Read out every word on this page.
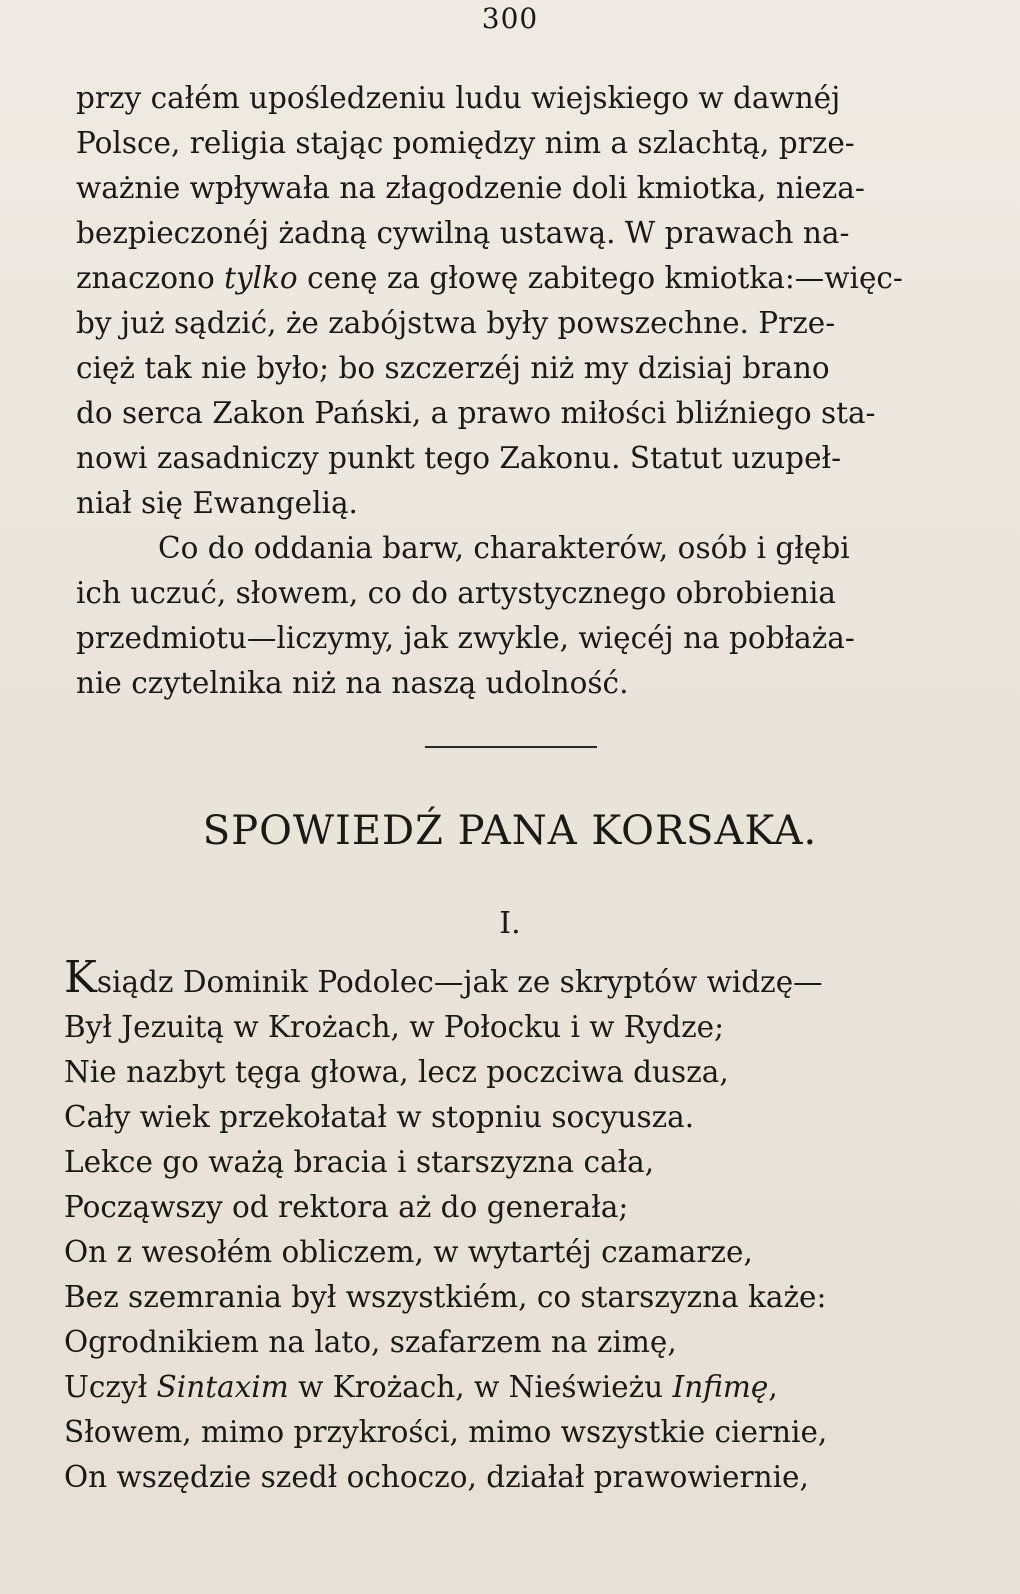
300

przy całém upośledzeniu ludu wiejskiego w dawnéj
Polsce, religia stając pomiędzy nim a szlachtą, prze-
ważnie wpływała na złagodzenie doli kmiotka, nieza-
bezpieczonéj żadną cywilną ustawą. W prawach na-
znaczono tylko cenę za głowę zabitego kmiotka:—więc-
by już sądzić, że zabójstwa były powszechne. Prze-
cięż tak nie było; bo szczerzéj niż my dzisiaj brano
do serca Zakon Pański, a prawo miłości bliźniego sta-
nowi zasadniczy punkt tego Zakonu. Statut uzupeł-
niał się Ewangelią.

Co do oddania barw, charakterów, osób i głębi
ich uczuć, słowem, co do artystycznego obrobienia
przedmiotu—liczymy, jak zwykle, więcéj na pobłaża-
nie czytelnika niż na naszą udolność.

SPOWIEDŹ PANA KORSAKA.
I.
Ksiądz Dominik Podolec—jak ze skryptów widzę—
Był Jezuitą w Krożach, w Połocku i w Rydze;
Nie nazbyt tęga głowa, lecz poczciwa dusza,
Cały wiek przekołatał w stopniu socyusza.
Lekce go ważą bracia i starszyzna cała,
Począwszy od rektora aż do generała;
On z wesołém obliczem, w wytartéj czamarze,
Bez szemrania był wszystkiém, co starszyzna każe:
Ogrodnikiem na lato, szafarzem na zimę,
Uczył Sintaxim w Krożach, w Nieświeżu Infimę,
Słowem, mimo przykrości, mimo wszystkie ciernie,
On wszędzie szedł ochoczo, działał prawowiernie,
